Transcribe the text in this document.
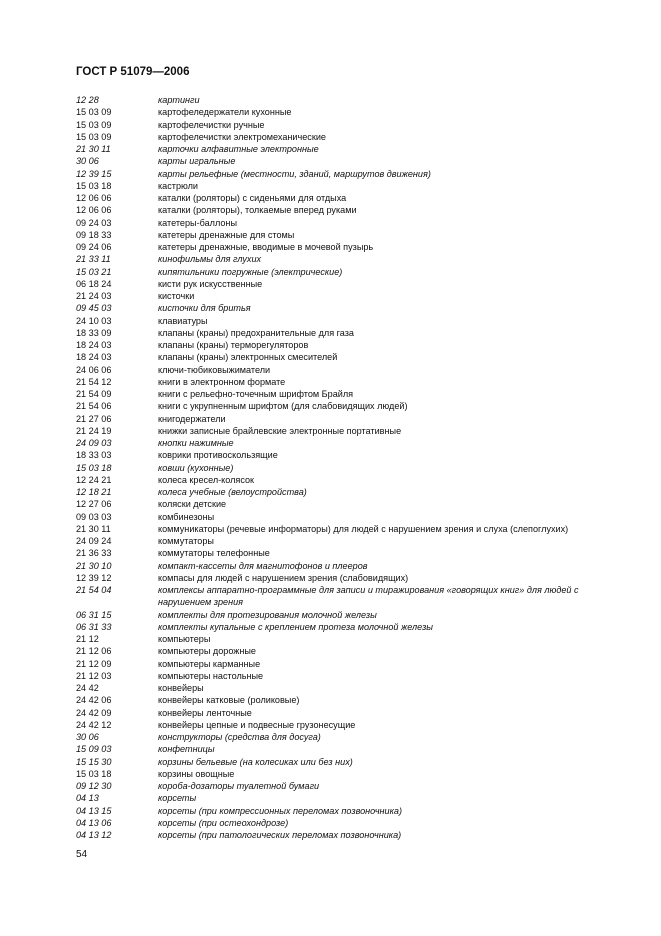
ГОСТ Р 51079—2006
12 28	картинги
15 03 09	картофеледержатели кухонные
15 03 09	картофелечистки ручные
15 03 09	картофелечистки электромеханические
21 30 11	карточки алфавитные электронные
30 06	карты игральные
12 39 15	карты рельефные (местности, зданий, маршрутов движения)
15 03 18	кастрюли
12 06 06	каталки (роляторы) с сиденьями для отдыха
12 06 06	каталки (роляторы), толкаемые вперед руками
09 24 03	катетеры-баллоны
09 18 33	катетеры дренажные для стомы
09 24 06	катетеры дренажные, вводимые в мочевой пузырь
21 33 11	кинофильмы для глухих
15 03 21	кипятильники погружные (электрические)
06 18 24	кисти рук искусственные
21 24 03	кисточки
09 45 03	кисточки для бритья
24 10 03	клавиатуры
18 33 09	клапаны (краны) предохранительные для газа
18 24 03	клапаны (краны) терморегуляторов
18 24 03	клапаны (краны) электронных смесителей
24 06 06	ключи-тюбиковыжиматели
21 54 12	книги в электронном формате
21 54 09	книги с рельефно-точечным шрифтом Брайля
21 54 06	книги с укрупненным шрифтом (для слабовидящих людей)
21 27 06	книгодержатели
21 24 19	книжки записные брайлевские электронные портативные
24 09 03	кнопки нажимные
18 33 03	коврики противоскользящие
15 03 18	ковши (кухонные)
12 24 21	колеса кресел-колясок
12 18 21	колеса учебные (велоустройства)
12 27 06	коляски детские
09 03 03	комбинезоны
21 30 11	коммуникаторы (речевые информаторы) для людей с нарушением зрения и слуха (слепоглухих)
24 09 24	коммутаторы
21 36 33	коммутаторы телефонные
21 30 10	компакт-кассеты для магнитофонов и плееров
12 39 12	компасы для людей с нарушением зрения (слабовидящих)
21 54 04	комплексы аппаратно-программные для записи и тиражирования «говорящих книг» для людей с нарушением зрения
06 31 15	комплекты для протезирования молочной железы
06 31 33	комплекты купальные с креплением протеза молочной железы
21 12	компьютеры
21 12 06	компьютеры дорожные
21 12 09	компьютеры карманные
21 12 03	компьютеры настольные
24 42	конвейеры
24 42 06	конвейеры катковые (роликовые)
24 42 09	конвейеры ленточные
24 42 12	конвейеры цепные и подвесные грузонесущие
30 06	конструкторы (средства для досуга)
15 09 03	конфетницы
15 15 30	корзины бельевые (на колесиках или без них)
15 03 18	корзины овощные
09 12 30	короба-дозаторы туалетной бумаги
04 13	корсеты
04 13 15	корсеты (при компрессионных переломах позвоночника)
04 13 06	корсеты (при остеохондрозе)
04 13 12	корсеты (при патологических переломах позвоночника)
54
